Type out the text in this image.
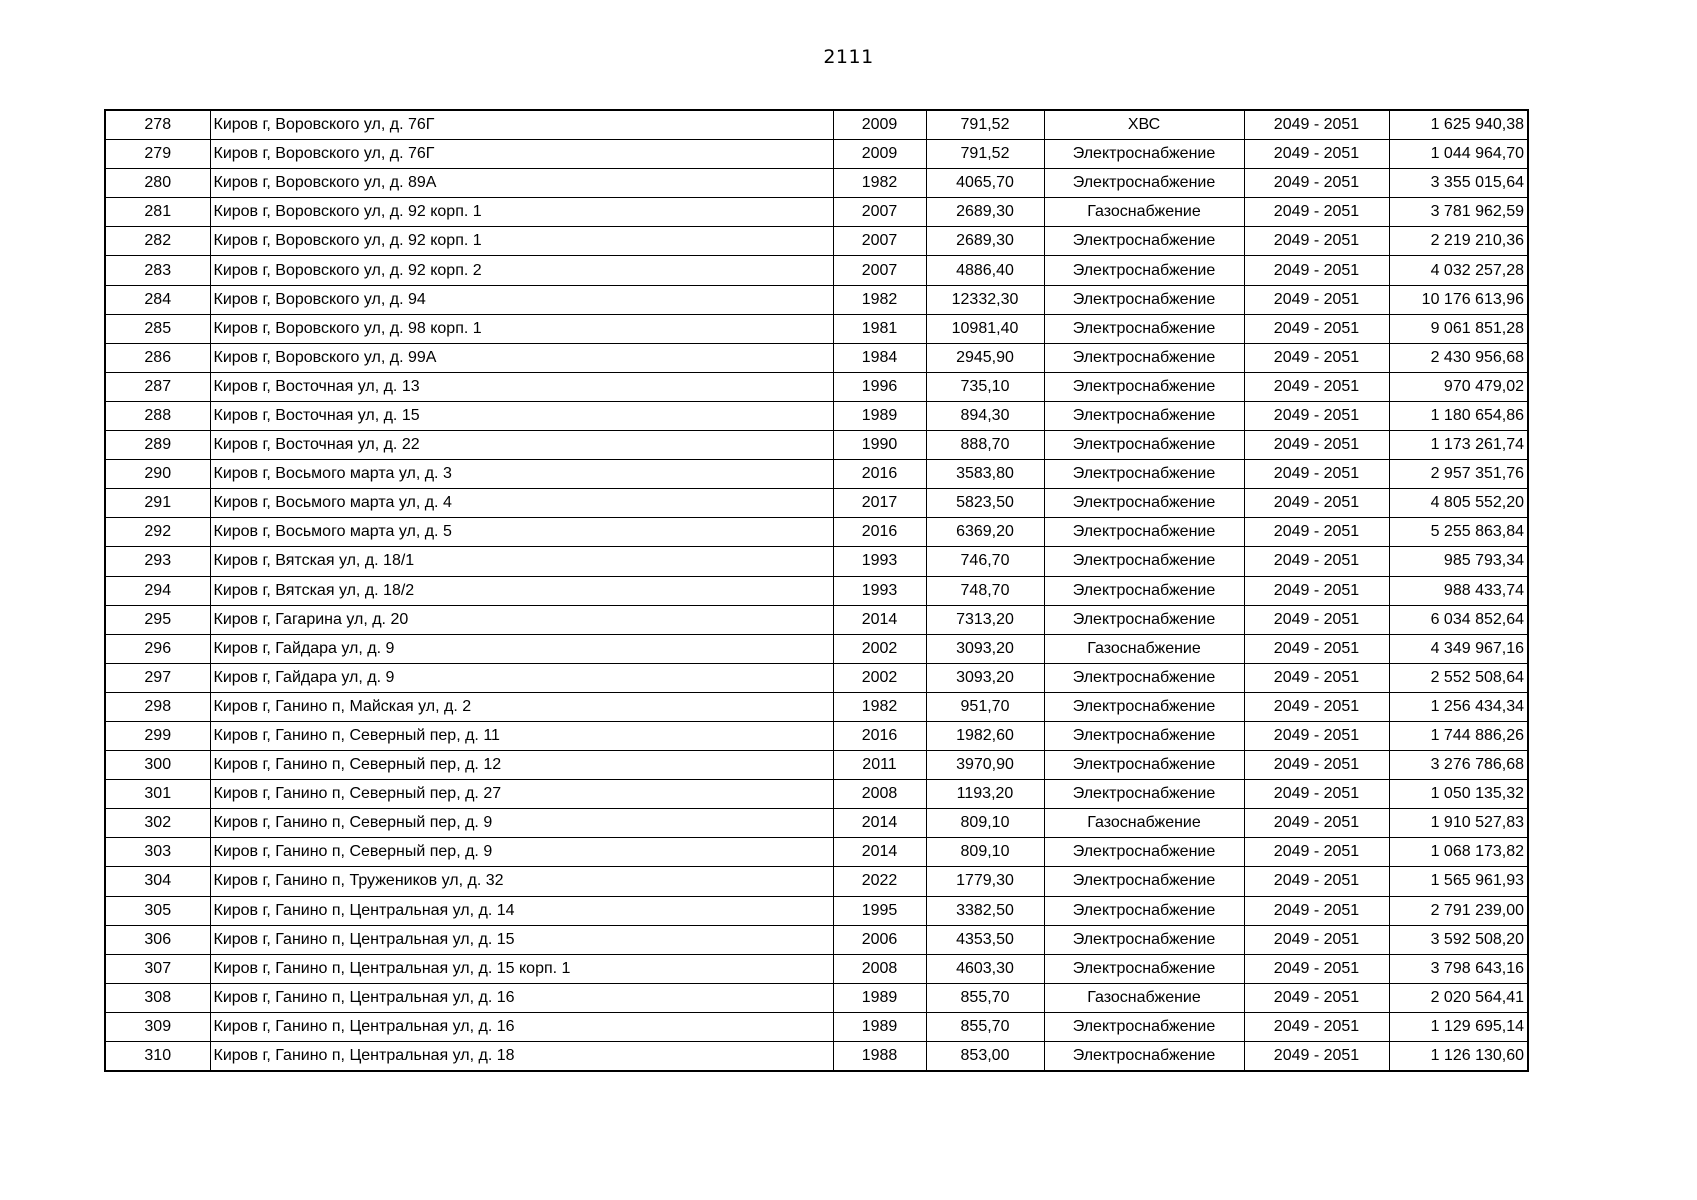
2111
278	Киров г, Воровского ул, д. 76Г	2009	791,52	ХВС	2049 - 2051	1 625 940,38
279	Киров г, Воровского ул, д. 76Г	2009	791,52	Электроснабжение	2049 - 2051	1 044 964,70
280	Киров г, Воровского ул, д. 89А	1982	4065,70	Электроснабжение	2049 - 2051	3 355 015,64
281	Киров г, Воровского ул, д. 92 корп. 1	2007	2689,30	Газоснабжение	2049 - 2051	3 781 962,59
282	Киров г, Воровского ул, д. 92 корп. 1	2007	2689,30	Электроснабжение	2049 - 2051	2 219 210,36
283	Киров г, Воровского ул, д. 92 корп. 2	2007	4886,40	Электроснабжение	2049 - 2051	4 032 257,28
284	Киров г, Воровского ул, д. 94	1982	12332,30	Электроснабжение	2049 - 2051	10 176 613,96
285	Киров г, Воровского ул, д. 98 корп. 1	1981	10981,40	Электроснабжение	2049 - 2051	9 061 851,28
286	Киров г, Воровского ул, д. 99А	1984	2945,90	Электроснабжение	2049 - 2051	2 430 956,68
287	Киров г, Восточная ул, д. 13	1996	735,10	Электроснабжение	2049 - 2051	970 479,02
288	Киров г, Восточная ул, д. 15	1989	894,30	Электроснабжение	2049 - 2051	1 180 654,86
289	Киров г, Восточная ул, д. 22	1990	888,70	Электроснабжение	2049 - 2051	1 173 261,74
290	Киров г, Восьмого марта ул, д. 3	2016	3583,80	Электроснабжение	2049 - 2051	2 957 351,76
291	Киров г, Восьмого марта ул, д. 4	2017	5823,50	Электроснабжение	2049 - 2051	4 805 552,20
292	Киров г, Восьмого марта ул, д. 5	2016	6369,20	Электроснабжение	2049 - 2051	5 255 863,84
293	Киров г, Вятская ул, д. 18/1	1993	746,70	Электроснабжение	2049 - 2051	985 793,34
294	Киров г, Вятская ул, д. 18/2	1993	748,70	Электроснабжение	2049 - 2051	988 433,74
295	Киров г, Гагарина ул, д. 20	2014	7313,20	Электроснабжение	2049 - 2051	6 034 852,64
296	Киров г, Гайдара ул, д. 9	2002	3093,20	Газоснабжение	2049 - 2051	4 349 967,16
297	Киров г, Гайдара ул, д. 9	2002	3093,20	Электроснабжение	2049 - 2051	2 552 508,64
298	Киров г, Ганино п, Майская ул, д. 2	1982	951,70	Электроснабжение	2049 - 2051	1 256 434,34
299	Киров г, Ганино п, Северный пер, д. 11	2016	1982,60	Электроснабжение	2049 - 2051	1 744 886,26
300	Киров г, Ганино п, Северный пер, д. 12	2011	3970,90	Электроснабжение	2049 - 2051	3 276 786,68
301	Киров г, Ганино п, Северный пер, д. 27	2008	1193,20	Электроснабжение	2049 - 2051	1 050 135,32
302	Киров г, Ганино п, Северный пер, д. 9	2014	809,10	Газоснабжение	2049 - 2051	1 910 527,83
303	Киров г, Ганино п, Северный пер, д. 9	2014	809,10	Электроснабжение	2049 - 2051	1 068 173,82
304	Киров г, Ганино п, Тружеников ул, д. 32	2022	1779,30	Электроснабжение	2049 - 2051	1 565 961,93
305	Киров г, Ганино п, Центральная ул, д. 14	1995	3382,50	Электроснабжение	2049 - 2051	2 791 239,00
306	Киров г, Ганино п, Центральная ул, д. 15	2006	4353,50	Электроснабжение	2049 - 2051	3 592 508,20
307	Киров г, Ганино п, Центральная ул, д. 15 корп. 1	2008	4603,30	Электроснабжение	2049 - 2051	3 798 643,16
308	Киров г, Ганино п, Центральная ул, д. 16	1989	855,70	Газоснабжение	2049 - 2051	2 020 564,41
309	Киров г, Ганино п, Центральная ул, д. 16	1989	855,70	Электроснабжение	2049 - 2051	1 129 695,14
310	Киров г, Ганино п, Центральная ул, д. 18	1988	853,00	Электроснабжение	2049 - 2051	1 126 130,60
